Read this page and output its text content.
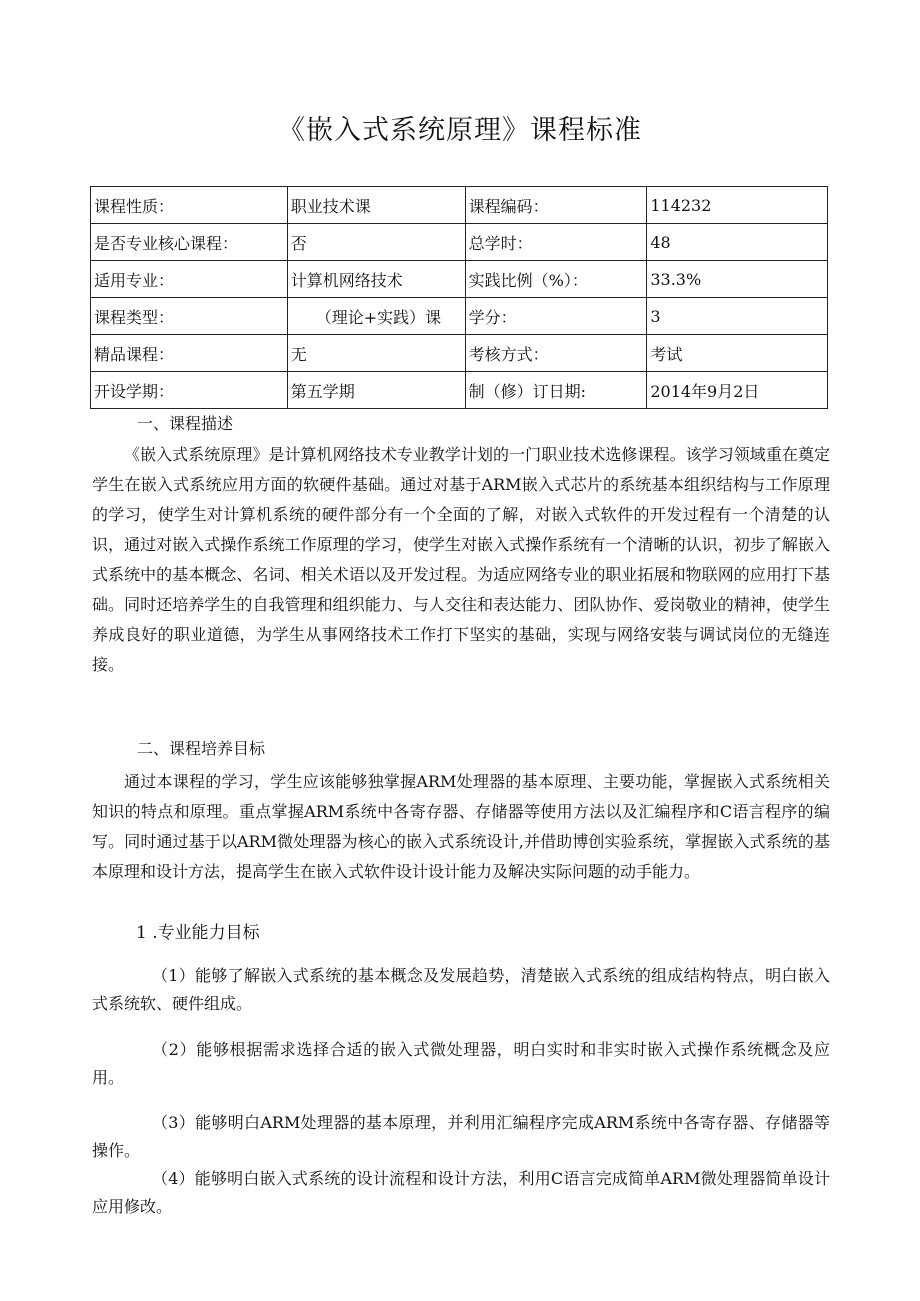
《嵌入式系统原理》课程标准
课程性质：	职业技术课	课程编码：	114232
是否专业核心课程：	否	总学时：	48
适用专业：	计算机网络技术	实践比例（%）：	33.3%
课程类型：	（理论+实践）课	学分：	3
精品课程：	无	考核方式：	考试
开设学期：	第五学期	制（修）订日期:	2014年9月2日
一、课程描述
《嵌入式系统原理》是计算机网络技术专业教学计划的一门职业技术选修课程。该学习领域重在奠定学生在嵌入式系统应用方面的软硬件基础。通过对基于ARM嵌入式芯片的系统基本组织结构与工作原理的学习，使学生对计算机系统的硬件部分有一个全面的了解，对嵌入式软件的开发过程有一个清楚的认识，通过对嵌入式操作系统工作原理的学习，使学生对嵌入式操作系统有一个清晰的认识，初步了解嵌入式系统中的基本概念、名词、相关术语以及开发过程。为适应网络专业的职业拓展和物联网的应用打下基础。同时还培养学生的自我管理和组织能力、与人交往和表达能力、团队协作、爱岗敬业的精神，使学生养成良好的职业道德，为学生从事网络技术工作打下坚实的基础，实现与网络安装与调试岗位的无缝连接。
二、课程培养目标
通过本课程的学习，学生应该能够独掌握ARM处理器的基本原理、主要功能，掌握嵌入式系统相关知识的特点和原理。重点掌握ARM系统中各寄存器、存储器等使用方法以及汇编程序和C语言程序的编写。同时通过基于以ARM微处理器为核心的嵌入式系统设计,并借助博创实验系统，掌握嵌入式系统的基本原理和设计方法，提高学生在嵌入式软件设计设计能力及解决实际问题的动手能力。
1 .专业能力目标
（1）能够了解嵌入式系统的基本概念及发展趋势，清楚嵌入式系统的组成结构特点，明白嵌入式系统软、硬件组成。
（2）能够根据需求选择合适的嵌入式微处理器，明白实时和非实时嵌入式操作系统概念及应用。
（3）能够明白ARM处理器的基本原理，并利用汇编程序完成ARM系统中各寄存器、存储器等操作。
（4）能够明白嵌入式系统的设计流程和设计方法，利用C语言完成简单ARM微处理器简单设计应用修改。
